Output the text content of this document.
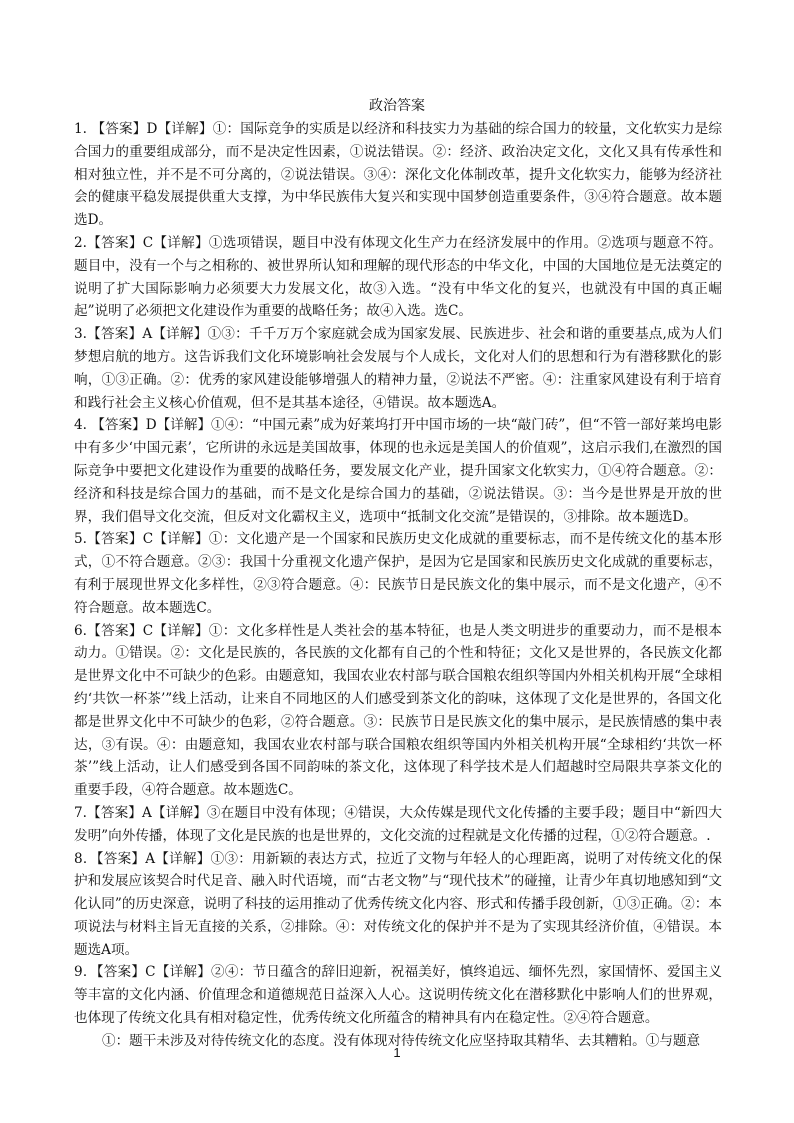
政治答案

1. 【答案】D【详解】①：国际竞争的实质是以经济和科技实力为基础的综合国力的较量，文化软实力是综合国力的重要组成部分，而不是决定性因素，①说法错误。②：经济、政治决定文化，文化又具有传承性和相对独立性，并不是不可分离的，②说法错误。③④：深化文化体制改革，提升文化软实力，能够为经济社会的健康平稳发展提供重大支撑，为中华民族伟大复兴和实现中国梦创造重要条件，③④符合题意。故本题选D。

2.【答案】C【详解】①选项错误，题目中没有体现文化生产力在经济发展中的作用。②选项与题意不符。题目中，没有一个与之相称的、被世界所认知和理解的现代形态的中华文化，中国的大国地位是无法奠定的说明了扩大国际影响力必须要大力发展文化，故③入选。“没有中华文化的复兴，也就没有中国的真正崛起”说明了必须把文化建设作为重要的战略任务；故④入选。选C。

3.【答案】A【详解】①③：千千万万个家庭就会成为国家发展、民族进步、社会和谐的重要基点,成为人们梦想启航的地方。这告诉我们文化环境影响社会发展与个人成长，文化对人们的思想和行为有潜移默化的影响，①③正确。②：优秀的家风建设能够增强人的精神力量，②说法不严密。④：注重家风建设有利于培育和践行社会主义核心价值观，但不是其基本途径，④错误。故本题选A。

4. 【答案】D【详解】①④：“中国元素”成为好莱坞打开中国市场的一块“敲门砖”，但“不管一部好莱坞电影中有多少‘中国元素’，它所讲的永远是美国故事，体现的也永远是美国人的价值观”，这启示我们,在激烈的国际竞争中要把文化建设作为重要的战略任务，要发展文化产业，提升国家文化软实力，①④符合题意。②：经济和科技是综合国力的基础，而不是文化是综合国力的基础，②说法错误。③：当今是世界是开放的世界，我们倡导文化交流，但反对文化霸权主义，选项中“抵制文化交流”是错误的，③排除。故本题选D。

5.【答案】C【详解】①：文化遗产是一个国家和民族历史文化成就的重要标志，而不是传统文化的基本形式，①不符合题意。②③：我国十分重视文化遗产保护，是因为它是国家和民族历史文化成就的重要标志，有利于展现世界文化多样性，②③符合题意。④：民族节日是民族文化的集中展示，而不是文化遗产，④不符合题意。故本题选C。

6.【答案】C【详解】①：文化多样性是人类社会的基本特征，也是人类文明进步的重要动力，而不是根本动力。①错误。②：文化是民族的，各民族的文化都有自己的个性和特征；文化又是世界的，各民族文化都是世界文化中不可缺少的色彩。由题意知，我国农业农村部与联合国粮农组织等国内外相关机构开展“全球相约‘共饮一杯茶’”线上活动，让来自不同地区的人们感受到茶文化的韵味，这体现了文化是世界的，各国文化都是世界文化中不可缺少的色彩，②符合题意。③：民族节日是民族文化的集中展示，是民族情感的集中表达，③有误。④：由题意知，我国农业农村部与联合国粮农组织等国内外相关机构开展“全球相约‘共饮一杯茶’”线上活动，让人们感受到各国不同韵味的茶文化，这体现了科学技术是人们超越时空局限共享茶文化的重要手段，④符合题意。故本题选C。

7.【答案】A【详解】③在题目中没有体现；④错误，大众传媒是现代文化传播的主要手段；题目中“新四大发明”向外传播，体现了文化是民族的也是世界的，文化交流的过程就是文化传播的过程，①②符合题意。.

8．【答案】A【详解】①③：用新颖的表达方式，拉近了文物与年轻人的心理距离，说明了对传统文化的保护和发展应该契合时代足音、融入时代语境，而“古老文物”与“现代技术”的碰撞，让青少年真切地感知到“文化认同”的历史深意，说明了科技的运用推动了优秀传统文化内容、形式和传播手段创新，①③正确。②：本项说法与材料主旨无直接的关系，②排除。④：对传统文化的保护并不是为了实现其经济价值，④错误。本题选A项。

9．【答案】C【详解】②④：节日蕴含的辞旧迎新，祝福美好，慎终追远、缅怀先烈，家国情怀、爱国主义等丰富的文化内涵、价值理念和道德规范日益深入人心。这说明传统文化在潜移默化中影响人们的世界观，也体现了传统文化具有相对稳定性，优秀传统文化所蕴含的精神具有内在稳定性。②④符合题意。

①：题干未涉及对待传统文化的态度。没有体现对待传统文化应坚持取其精华、去其糟粕。①与题意

1
